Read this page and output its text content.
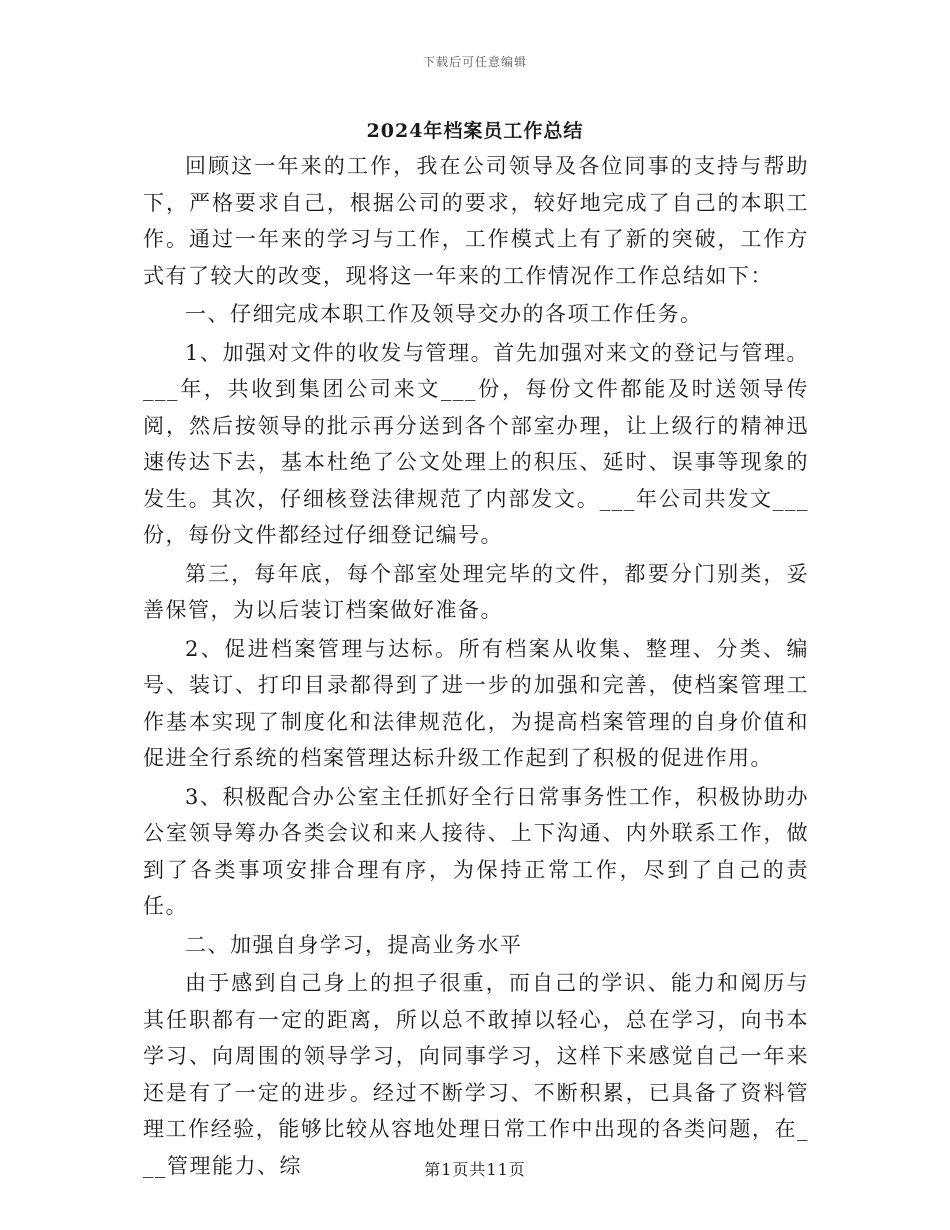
下载后可任意编辑
2024年档案员工作总结

回顾这一年来的工作，我在公司领导及各位同事的支持与帮助下，严格要求自己，根据公司的要求，较好地完成了自己的本职工作。通过一年来的学习与工作，工作模式上有了新的突破，工作方式有了较大的改变，现将这一年来的工作情况作工作总结如下：

一、仔细完成本职工作及领导交办的各项工作任务。

1、加强对文件的收发与管理。首先加强对来文的登记与管理。___年，共收到集团公司来文___份，每份文件都能及时送领导传阅，然后按领导的批示再分送到各个部室办理，让上级行的精神迅速传达下去，基本杜绝了公文处理上的积压、延时、误事等现象的发生。其次，仔细核登法律规范了内部发文。___年公司共发文___份，每份文件都经过仔细登记编号。

第三，每年底，每个部室处理完毕的文件，都要分门别类，妥善保管，为以后装订档案做好准备。

2、促进档案管理与达标。所有档案从收集、整理、分类、编号、装订、打印目录都得到了进一步的加强和完善，使档案管理工作基本实现了制度化和法律规范化，为提高档案管理的自身价值和促进全行系统的档案管理达标升级工作起到了积极的促进作用。

3、积极配合办公室主任抓好全行日常事务性工作，积极协助办公室领导筹办各类会议和来人接待、上下沟通、内外联系工作，做到了各类事项安排合理有序，为保持正常工作，尽到了自己的责任。

二、加强自身学习，提高业务水平

由于感到自己身上的担子很重，而自己的学识、能力和阅历与其任职都有一定的距离，所以总不敢掉以轻心，总在学习，向书本学习、向周围的领导学习，向同事学习，这样下来感觉自己一年来还是有了一定的进步。经过不断学习、不断积累，已具备了资料管理工作经验，能够比较从容地处理日常工作中出现的各类问题，在___管理能力、综	第1页共11页
